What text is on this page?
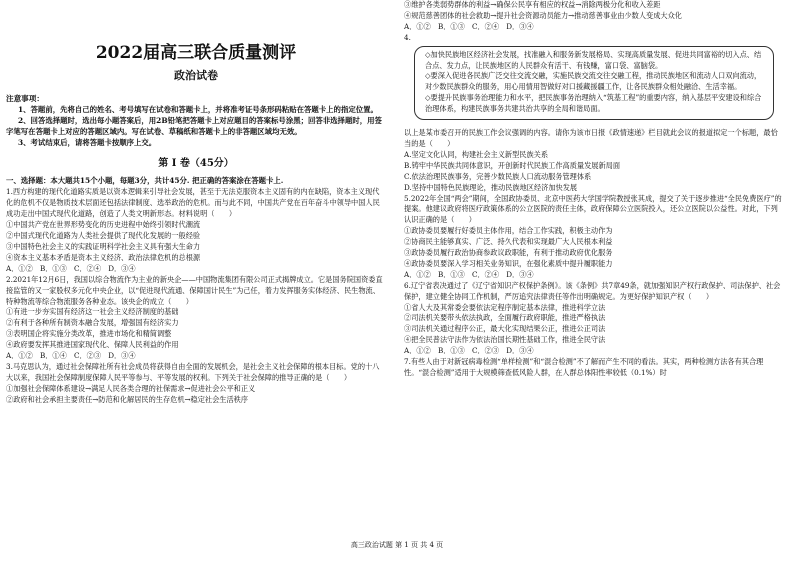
2022届高三联合质量测评
政治试卷
注意事项：
1、答题前，先将自己的姓名、考号填写在试卷和答题卡上，并将准考证号条形码粘贴在答题卡上的指定位置。
2、回答选择题时，选出每小题答案后，用2B铅笔把答题卡上对应题目的答案标号涂黑；回答非选择题时，用签字笔写在答题卡上对应的答题区域内。写在试卷、草稿纸和答题卡上的非答题区域均无效。
3、考试结束后，请将答题卡按顺序上交。
第 Ⅰ 卷（45分）
一、选择题：本大题共15个小题，每题3分，共计45分. 把正确的答案涂在答题卡上.
1.西方构建的现代化道路实质是以资本逻辑来引导社会发展，甚至于无法克服资本主义固有的内在缺陷，资本主义现代化的危机不仅是物质技术层面还包括法律制度、选举政治的危机。而与此不同，中国共产党在百年奋斗中领导中国人民成功走出中国式现代化道路，创造了人类文明新形态。材料说明（　　）
①中国共产党在世界形势变化的历史进程中始终引领时代潮流
②中国式现代化道路为人类社会提供了现代化发展的一般经验
③中国特色社会主义的实践证明科学社会主义具有强大生命力
④资本主义基本矛盾是资本主义经济、政治法律危机的总根源
A．①②　B．①③　C．②④　D．③④
2.2021年12月6日，我国以综合物流作为主业的新央企——中国物流集团有限公司正式揭牌成立。它是国务院国资委直接监管的又一家股权多元化中央企业，以“促进现代流通、保障国计民生”为己任，着力发挥服务实体经济、民生物流、特种物流等综合物流服务各种业态。该央企的成立（　　）
①有进一步夯实国有经济这一社会主义经济制度的基础
②有利于各种所有制资本融合发展，增强国有经济实力
③表明国企将实施分类改革，推进市场化和精简调整
④政府要发挥其推进国家现代化、保障人民利益的作用
A．①②　B．①④　C．②③　D．③④
3.马克思认为，通过社会保障社所有社会成员将获得自由全面的发展机会，是社会主义社会保障的根本目标。党的十八大以来，我国社会保障制度保障人民平等参与、平等发展的权利。下列关于社会保障的推导正确的是（　　）
①加强社会保障体系建设→满足人民各类合理的社保需求→促进社会公平和正义
②政府和社会承担主要责任→防范和化解居民的生存危机→稳定社会生活秩序
③维护各类弱势群体的利益→确保公民享有相应的权益→消除两极分化和收入差距
④规范慈善团体的社会救助→提升社会资源动员能力→推动慈善事业由少数人变成大众化
A．①②　B．①③　C．②④　D．③④
4.
◇加快民族地区经济社会发展，找准融入和服务新发展格局、实现高质量发展、促进共同富裕的切入点、结合点、发力点，让民族地区的人民群众有活干、有钱赚，富口袋、富脑袋。
◇要深入促进各民族广泛交往交流交融，实施民族交流交往交融工程，推动民族地区和流动人口双向流动，对少数民族群众的服务，用心用情用智做好对口援藏援疆工作，让各民族群众相处融洽、生活幸福。
◇要提升民族事务治理能力和水平，把民族事务治理纳入“筑基工程”的重要内容，纳入基层平安建设和综合治理体系，构建民族事务共建共治共享的全局和谐局面。
以上是某市委召开的民族工作会议强调的内容。请你为该市日报《政情速递》栏目就此会议的报道拟定一个标题，最恰当的是（　　）
A.坚定文化认同，构建社会主义新型民族关系
B.铸牢中华民族共同体意识，开创新时代民族工作高质量发展新局面
C.依法治理民族事务，完善少数民族人口流动服务管理体系
D.坚持中国特色民族理论，推动民族地区经济加快发展
5.2022年全国“两会”期间，全国政协委员、北京中医药大学国学院教授张其成，提交了关于逐步推进“全民免费医疗”的提案。他建议政府将医疗政策体系的公立医院的责任主体，政府保障公立医院投入，还公立医院以公益性。对此，下列认识正确的是（　　）
①政协委员要履行好委员主体作用，结合工作实践，积极主动作为
②协商民主能够真实、广泛、持久代表和实现最广大人民根本利益
③政协委员履行政治协商参政议政职能，有利于推动政府优化服务
④政协委员要深入学习相关业务知识，在强化素质中提升履职能力
A．①②　B．①③　C．②④　D．③④
6.辽宁省表决通过了《辽宁省知识产权保护条例》。该《条例》共7章49条，就加强知识产权行政保护、司法保护、社会保护，建立健全协同工作机制，严厉追究法律责任等作出明确规定。为更好保护知识产权（　　）
①省人大及其常委会要依法定程序制定基本法律，推进科学立法
②司法机关要带头依法执政，全面履行政府职能，推进严格执法
③司法机关通过程序公正，最大化实现结果公正，推进公正司法
④把全民普法守法作为依法治国长期性基础工作，推进全民守法
A．①②　B．①③　C．②③　D．③④
7.有些人由于对新冠病毒检测“单样检测”和“混合检测”不了解而产生不同的看法。其实，两种检测方法各有其合理性。“混合检测”适用于大规模筛查低风险人群，在人群总体阳性率较低（0.1%）时
高三政治试题 第 1 页 共 4 页
